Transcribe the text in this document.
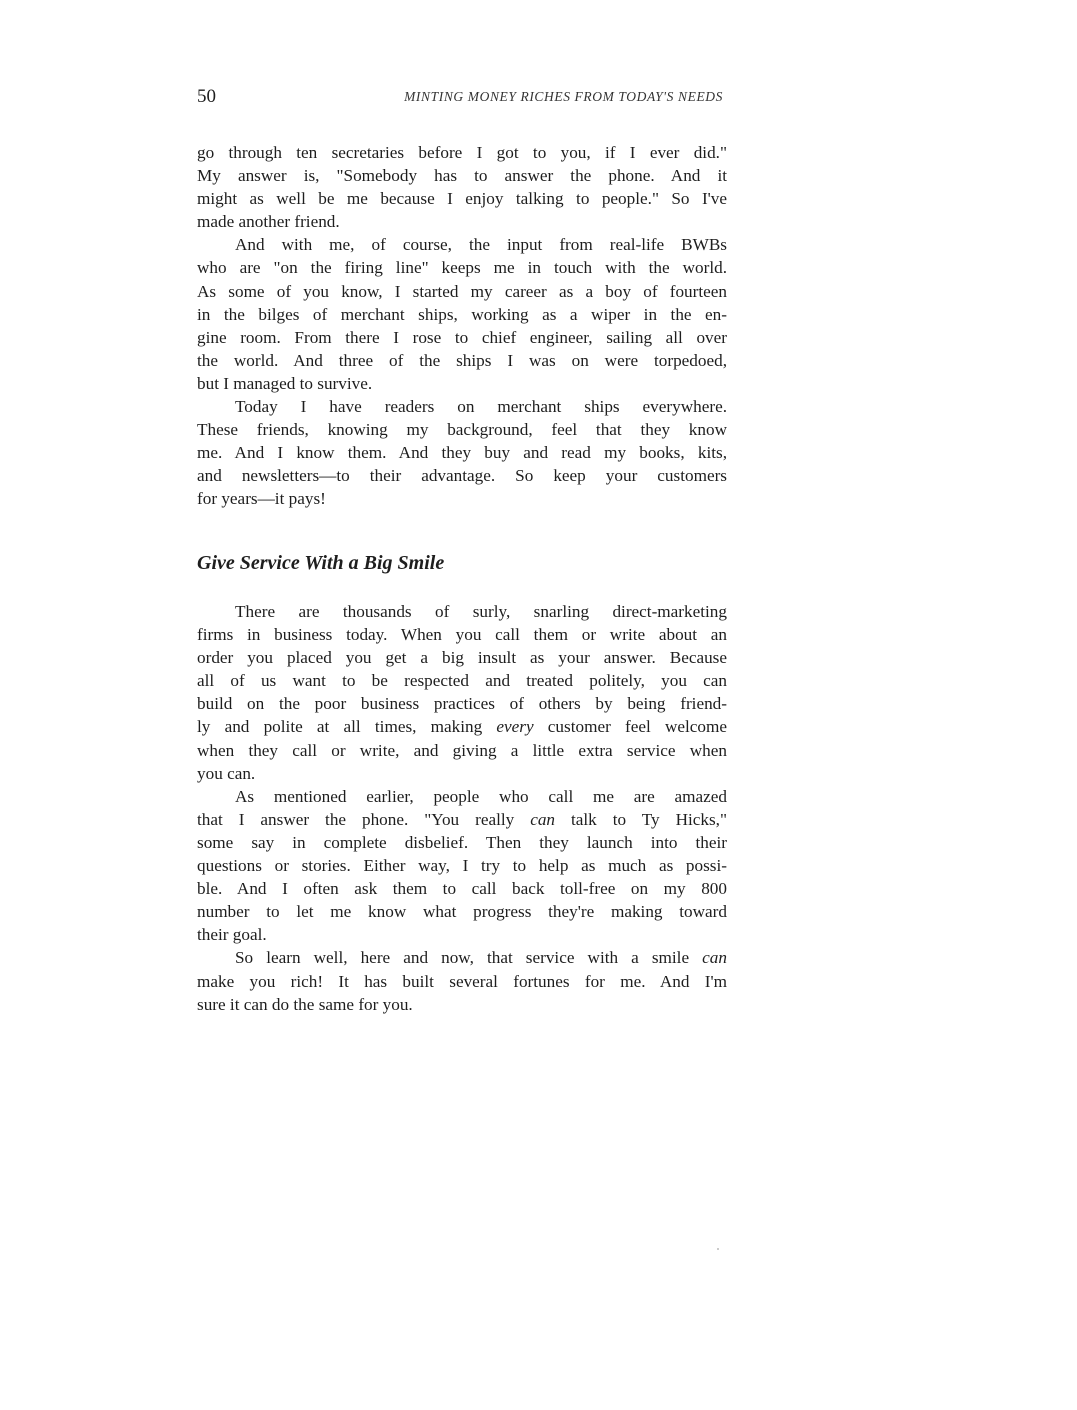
50	MINTING MONEY RICHES FROM TODAY'S NEEDS
go through ten secretaries before I got to you, if I ever did."
My answer is, "Somebody has to answer the phone. And it
might as well be me because I enjoy talking to people." So I've
made another friend.
And with me, of course, the input from real-life BWBs
who are "on the firing line" keeps me in touch with the world.
As some of you know, I started my career as a boy of fourteen
in the bilges of merchant ships, working as a wiper in the en-
gine room. From there I rose to chief engineer, sailing all over
the world. And three of the ships I was on were torpedoed,
but I managed to survive.
Today I have readers on merchant ships everywhere.
These friends, knowing my background, feel that they know
me. And I know them. And they buy and read my books, kits,
and newsletters—to their advantage. So keep your customers
for years—it pays!
Give Service With a Big Smile
There are thousands of surly, snarling direct-marketing
firms in business today. When you call them or write about an
order you placed you get a big insult as your answer. Because
all of us want to be respected and treated politely, you can
build on the poor business practices of others by being friend-
ly and polite at all times, making every customer feel welcome
when they call or write, and giving a little extra service when
you can.
As mentioned earlier, people who call me are amazed
that I answer the phone. "You really can talk to Ty Hicks,"
some say in complete disbelief. Then they launch into their
questions or stories. Either way, I try to help as much as possi-
ble. And I often ask them to call back toll-free on my 800
number to let me know what progress they're making toward
their goal.
So learn well, here and now, that service with a smile can
make you rich! It has built several fortunes for me. And I'm
sure it can do the same for you.
